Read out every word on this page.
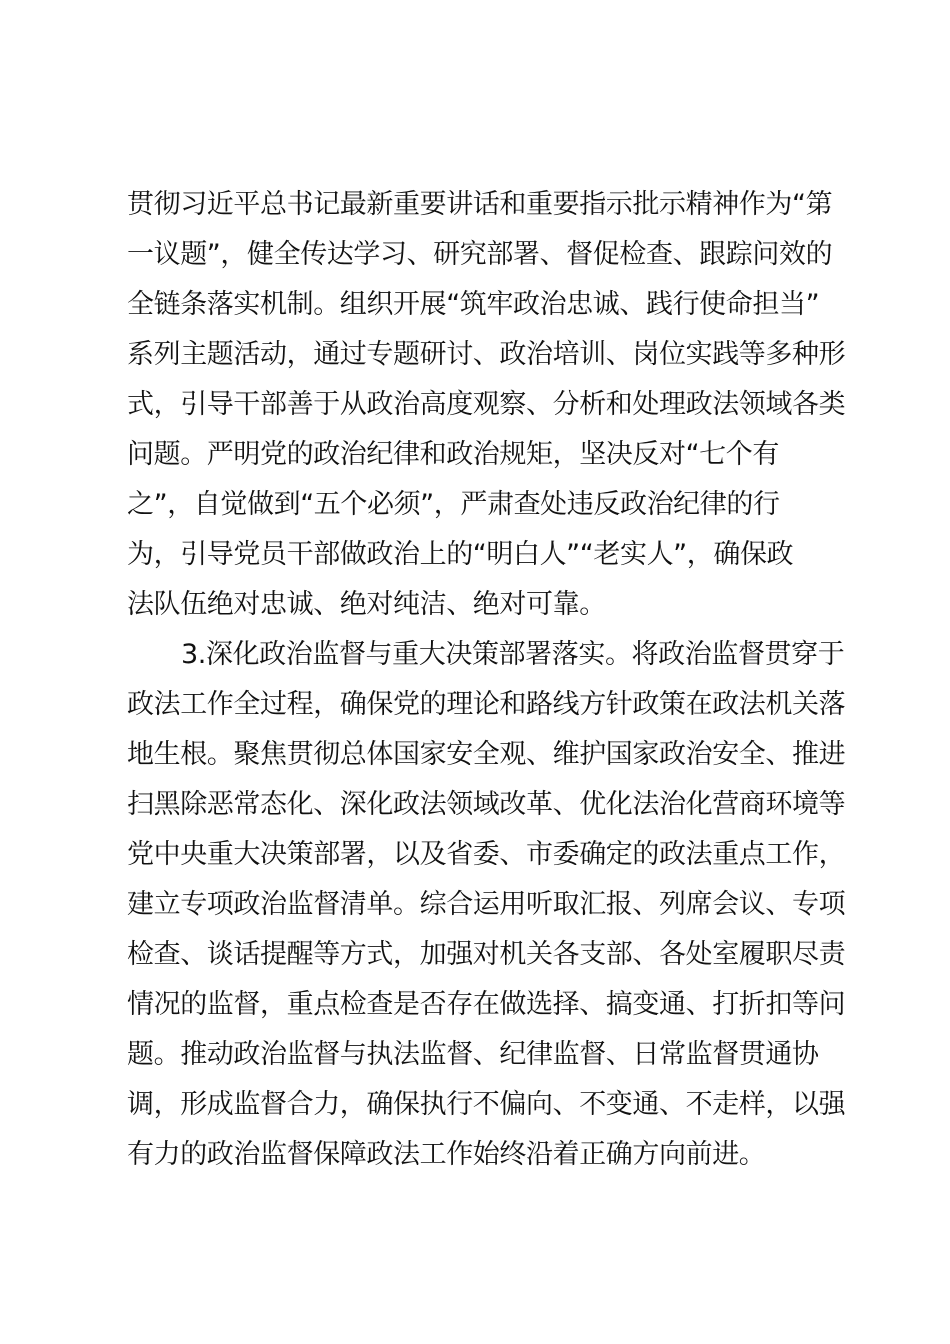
贯彻习近平总书记最新重要讲话和重要指示批示精神作为“第
一议题”，健全传达学习、研究部署、督促检查、跟踪问效的
全链条落实机制。组织开展“筑牢政治忠诚、践行使命担当”
系列主题活动，通过专题研讨、政治培训、岗位实践等多种形
式，引导干部善于从政治高度观察、分析和处理政法领域各类
问题。严明党的政治纪律和政治规矩，坚决反对“七个有
之”，自觉做到“五个必须”，严肃查处违反政治纪律的行
为，引导党员干部做政治上的“明白人”“老实人”，确保政
法队伍绝对忠诚、绝对纯洁、绝对可靠。
3.深化政治监督与重大决策部署落实。将政治监督贯穿于
政法工作全过程，确保党的理论和路线方针政策在政法机关落
地生根。聚焦贯彻总体国家安全观、维护国家政治安全、推进
扫黑除恶常态化、深化政法领域改革、优化法治化营商环境等
党中央重大决策部署，以及省委、市委确定的政法重点工作，
建立专项政治监督清单。综合运用听取汇报、列席会议、专项
检查、谈话提醒等方式，加强对机关各支部、各处室履职尽责
情况的监督，重点检查是否存在做选择、搞变通、打折扣等问
题。推动政治监督与执法监督、纪律监督、日常监督贯通协
调，形成监督合力，确保执行不偏向、不变通、不走样，以强
有力的政治监督保障政法工作始终沿着正确方向前进。
